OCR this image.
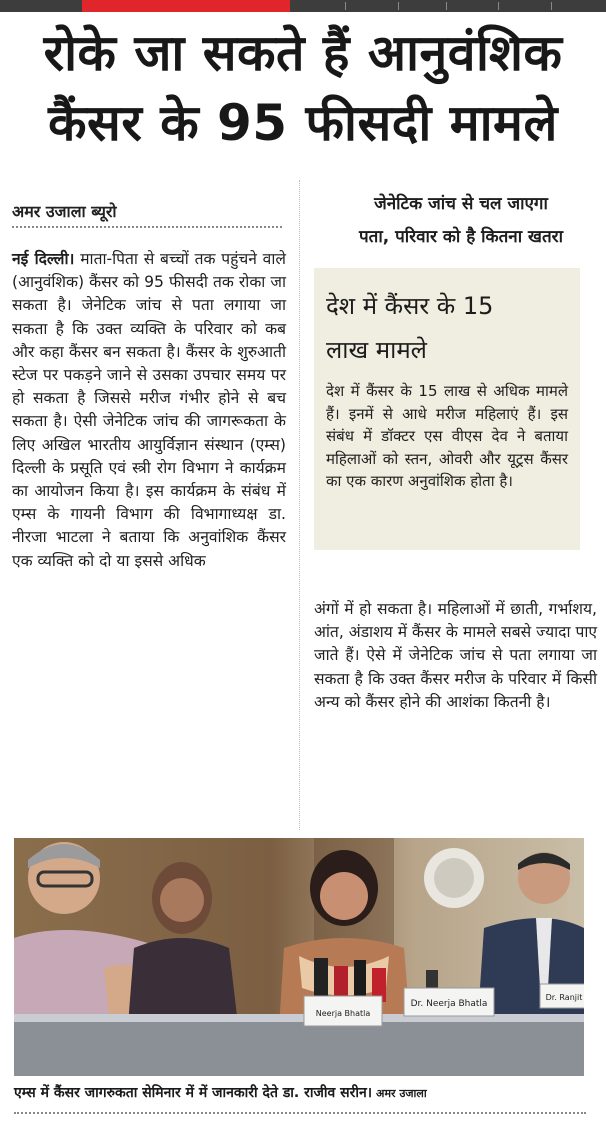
रोके जा सकते हैं आनुवंशिक
कैंसर के 95 फीसदी मामले
अमर उजाला ब्यूरो	जेनेटिक जांच से चल जाएगा
पता, परिवार को है कितना खतरा

नई दिल्ली। माता-पिता से बच्चों तक पहुंचने वाले (आनुवंशिक) कैंसर को 95 फीसदी तक रोका जा सकता है। जेनेटिक जांच से पता लगाया जा सकता है कि उक्त व्यक्ति के परिवार को कब और कहा कैंसर बन सकता है। कैंसर के शुरुआती स्टेज पर पकड़ने जाने से उसका उपचार समय पर हो सकता है जिससे मरीज गंभीर होने से बच सकता है। ऐसी जेनेटिक जांच की जागरूकता के लिए अखिल भारतीय आयुर्विज्ञान संस्थान (एम्स) दिल्ली के प्रसूति एवं स्त्री रोग विभाग ने कार्यक्रम का आयोजन किया है। इस कार्यक्रम के संबंध में एम्स के गायनी विभाग की विभागाध्यक्ष डा. नीरजा भाटला ने बताया कि अनुवांशिक कैंसर एक व्यक्ति को दो या इससे अधिक

देश में कैंसर के 15
लाख मामले
देश में कैंसर के 15 लाख से अधिक मामले हैं। इनमें से आधे मरीज महिलाएं हैं। इस संबंध में डॉक्टर एस वीएस देव ने बताया महिलाओं को स्तन, ओवरी और यूट्रस कैंसर का एक कारण अनुवांशिक होता है।

अंगों में हो सकता है। महिलाओं में छाती, गर्भाशय, आंत, अंडाशय में कैंसर के मामले सबसे ज्यादा पाए जाते हैं। ऐसे में जेनेटिक जांच से पता लगाया जा सकता है कि उक्त कैंसर मरीज के परिवार में किसी अन्य को कैंसर होने की आशंका कितनी है।

Neerja Bhatla
Dr. Neerja Bhatla
Dr. Ranjit
एम्स में कैंसर जागरुकता सेमिनार में में जानकारी देते डा. राजीव सरीन। अमर उजाला
